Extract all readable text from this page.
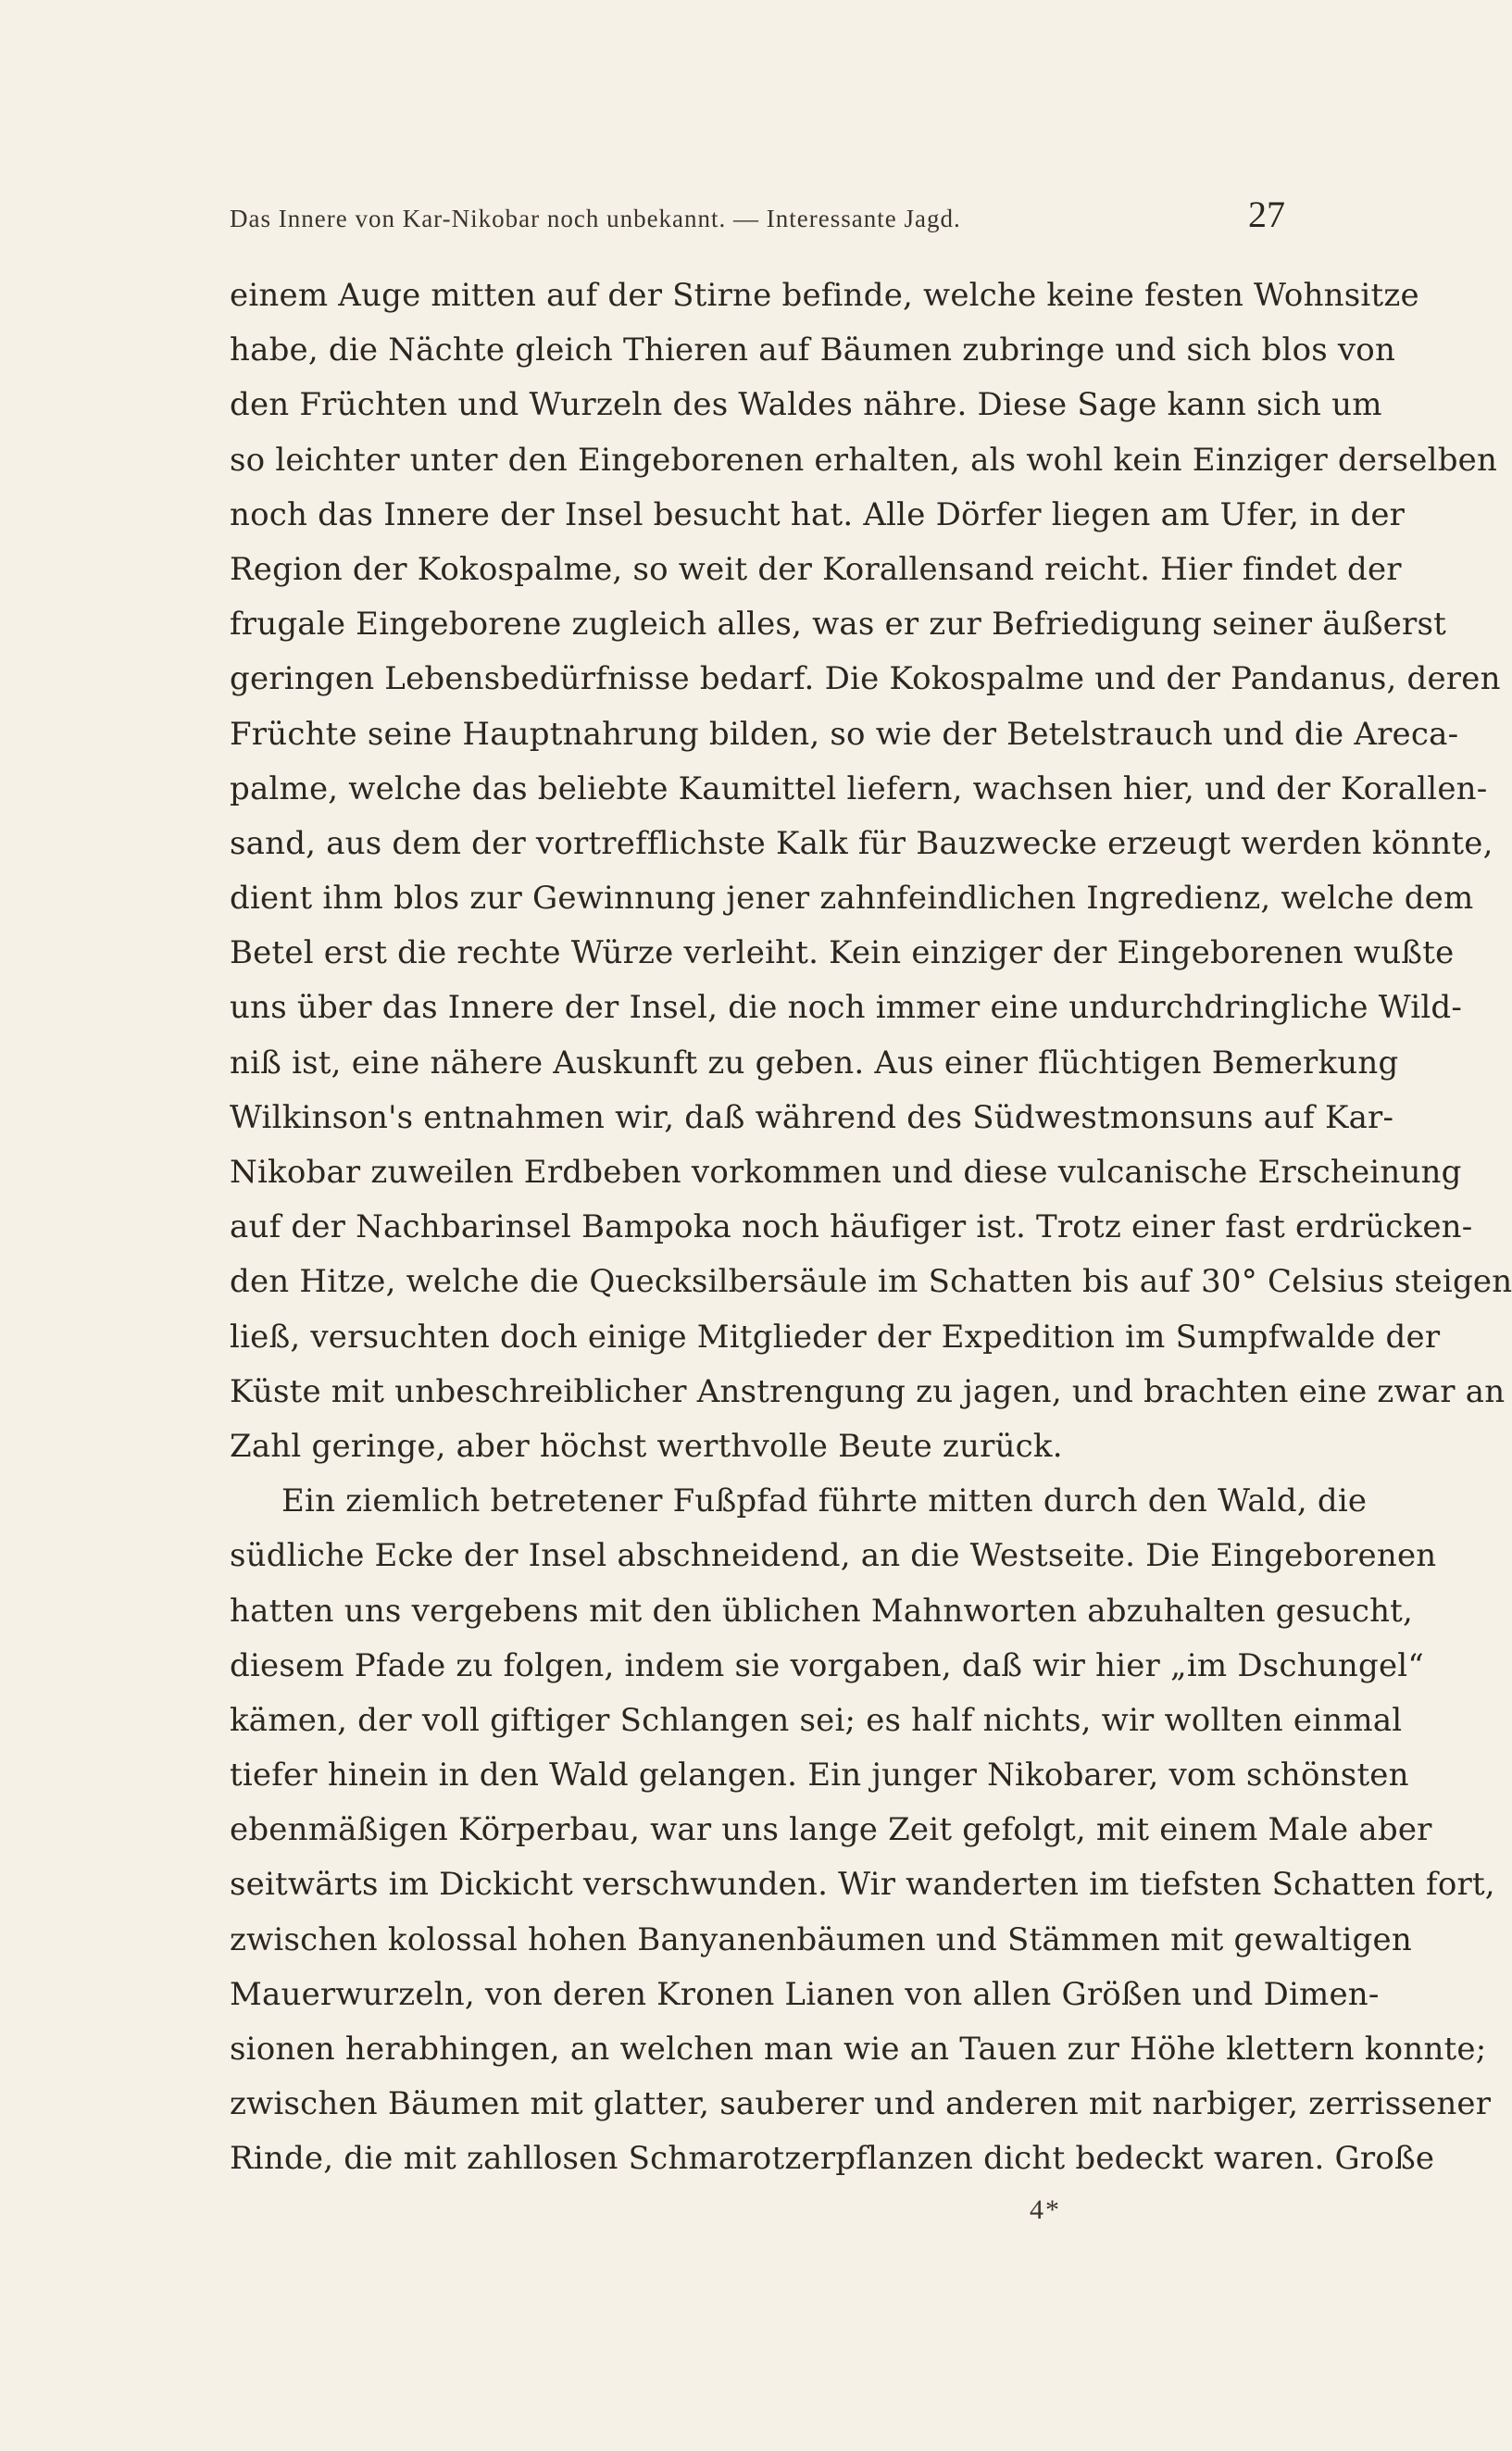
Das Innere von Kar-Nikobar noch unbekannt. — Interessante Jagd.	27
einem Auge mitten auf der Stirne befinde, welche keine festen Wohnsitze
habe, die Nächte gleich Thieren auf Bäumen zubringe und sich blos von
den Früchten und Wurzeln des Waldes nähre. Diese Sage kann sich um
so leichter unter den Eingeborenen erhalten, als wohl kein Einziger derselben
noch das Innere der Insel besucht hat. Alle Dörfer liegen am Ufer, in der
Region der Kokospalme, so weit der Korallensand reicht. Hier findet der
frugale Eingeborene zugleich alles, was er zur Befriedigung seiner äußerst
geringen Lebensbedürfnisse bedarf. Die Kokospalme und der Pandanus, deren
Früchte seine Hauptnahrung bilden, so wie der Betelstrauch und die Areca-
palme, welche das beliebte Kaumittel liefern, wachsen hier, und der Korallen-
sand, aus dem der vortrefflichste Kalk für Bauzwecke erzeugt werden könnte,
dient ihm blos zur Gewinnung jener zahnfeindlichen Ingredienz, welche dem
Betel erst die rechte Würze verleiht. Kein einziger der Eingeborenen wußte
uns über das Innere der Insel, die noch immer eine undurchdringliche Wild-
niß ist, eine nähere Auskunft zu geben. Aus einer flüchtigen Bemerkung
Wilkinson's entnahmen wir, daß während des Südwestmonsuns auf Kar-
Nikobar zuweilen Erdbeben vorkommen und diese vulcanische Erscheinung
auf der Nachbarinsel Bampoka noch häufiger ist. Trotz einer fast erdrücken-
den Hitze, welche die Quecksilbersäule im Schatten bis auf 30° Celsius steigen
ließ, versuchten doch einige Mitglieder der Expedition im Sumpfwalde der
Küste mit unbeschreiblicher Anstrengung zu jagen, und brachten eine zwar an
Zahl geringe, aber höchst werthvolle Beute zurück.
Ein ziemlich betretener Fußpfad führte mitten durch den Wald, die
südliche Ecke der Insel abschneidend, an die Westseite. Die Eingeborenen
hatten uns vergebens mit den üblichen Mahnworten abzuhalten gesucht,
diesem Pfade zu folgen, indem sie vorgaben, daß wir hier „im Dschungel“
kämen, der voll giftiger Schlangen sei; es half nichts, wir wollten einmal
tiefer hinein in den Wald gelangen. Ein junger Nikobarer, vom schönsten
ebenmäßigen Körperbau, war uns lange Zeit gefolgt, mit einem Male aber
seitwärts im Dickicht verschwunden. Wir wanderten im tiefsten Schatten fort,
zwischen kolossal hohen Banyanenbäumen und Stämmen mit gewaltigen
Mauerwurzeln, von deren Kronen Lianen von allen Größen und Dimen-
sionen herabhingen, an welchen man wie an Tauen zur Höhe klettern konnte;
zwischen Bäumen mit glatter, sauberer und anderen mit narbiger, zerrissener
Rinde, die mit zahllosen Schmarotzerpflanzen dicht bedeckt waren. Große
4*
